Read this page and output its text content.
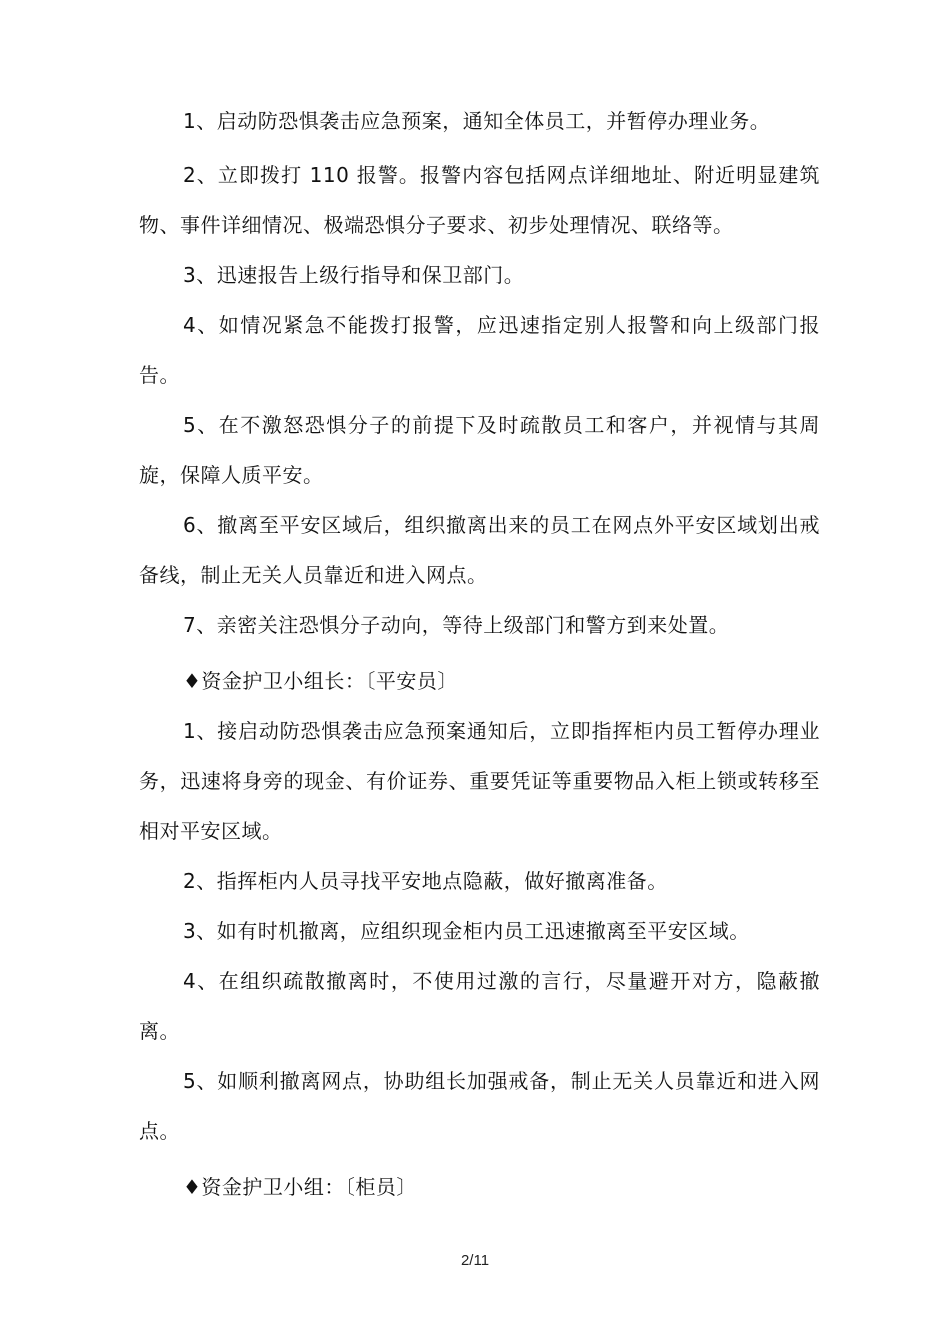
1、启动防恐惧袭击应急预案，通知全体员工，并暂停办理业务。

2、立即拨打 110 报警。报警内容包括网点详细地址、附近明显建筑物、事件详细情况、极端恐惧分子要求、初步处理情况、联络等。

3、迅速报告上级行指导和保卫部门。

4、如情况紧急不能拨打报警，应迅速指定别人报警和向上级部门报告。

5、在不激怒恐惧分子的前提下及时疏散员工和客户，并视情与其周旋，保障人质平安。

6、撤离至平安区域后，组织撤离出来的员工在网点外平安区域划出戒备线，制止无关人员靠近和进入网点。

7、亲密关注恐惧分子动向，等待上级部门和警方到来处置。

♦资金护卫小组长：〔平安员〕

1、接启动防恐惧袭击应急预案通知后，立即指挥柜内员工暂停办理业务，迅速将身旁的现金、有价证券、重要凭证等重要物品入柜上锁或转移至相对平安区域。

2、指挥柜内人员寻找平安地点隐蔽，做好撤离准备。

3、如有时机撤离，应组织现金柜内员工迅速撤离至平安区域。

4、在组织疏散撤离时，不使用过激的言行，尽量避开对方，隐蔽撤离。

5、如顺利撤离网点，协助组长加强戒备，制止无关人员靠近和进入网点。

♦资金护卫小组：〔柜员〕

2/11
